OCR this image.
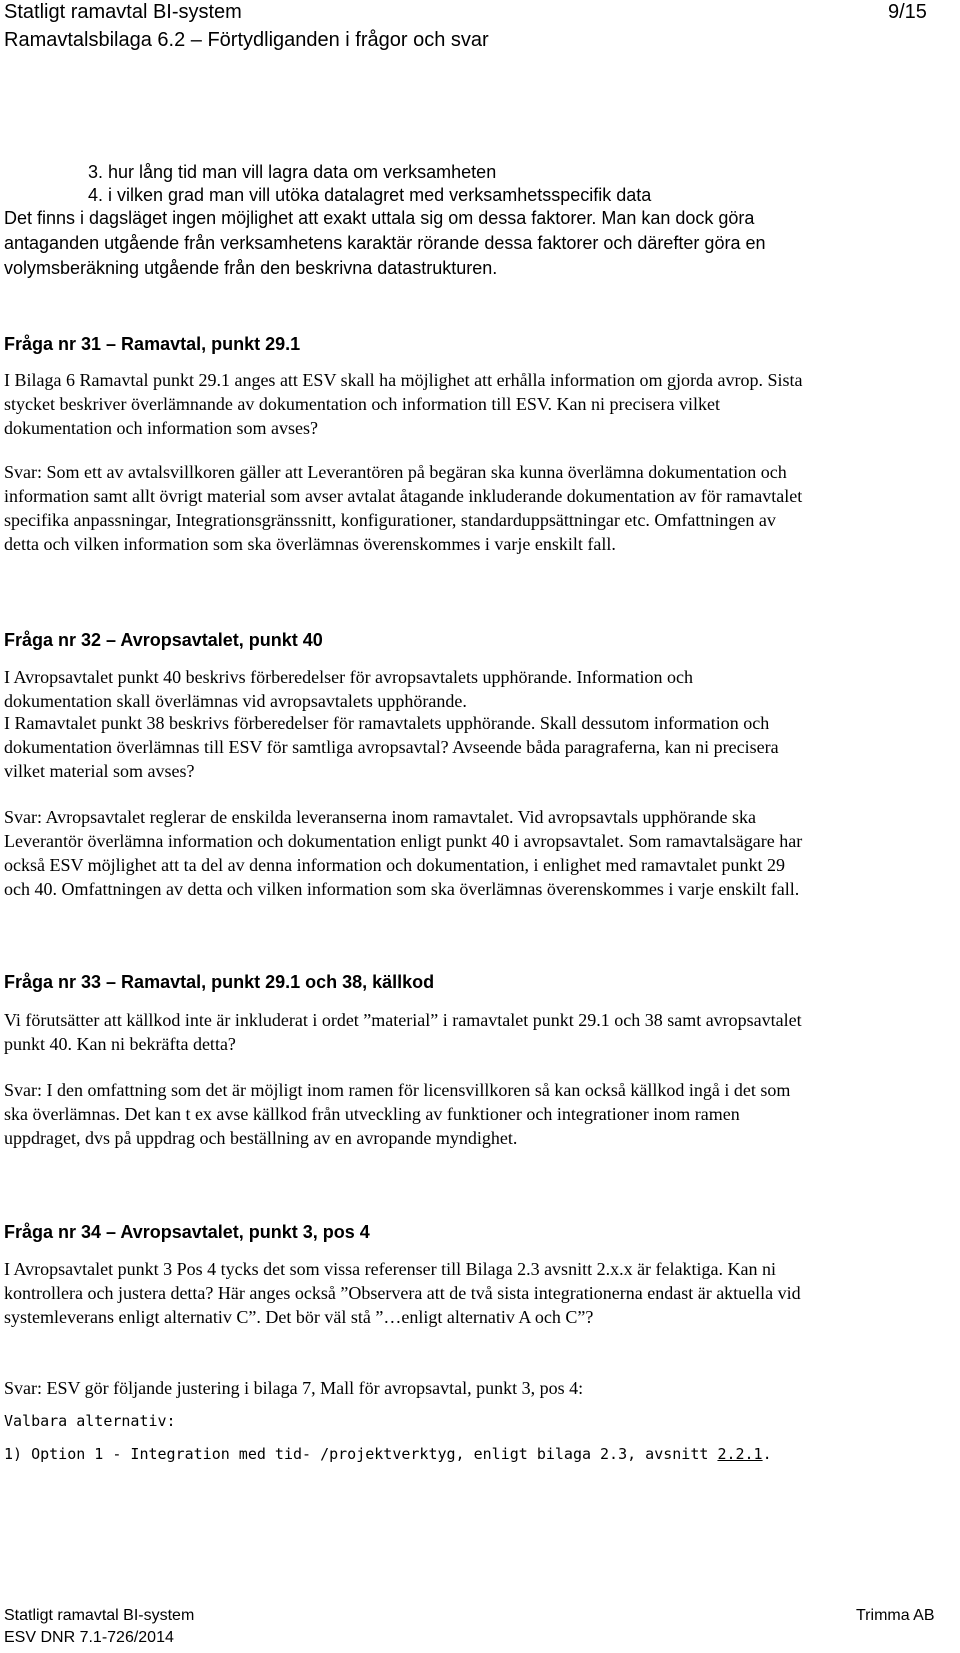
Statligt ramavtal BI-system	9/15
Ramavtalsbilaga 6.2 – Förtydliganden i frågor och svar
3. hur lång tid man vill lagra data om verksamheten
4. i vilken grad man vill utöka datalagret med verksamhetsspecifik data
Det finns i dagsläget ingen möjlighet att exakt uttala sig om dessa faktorer. Man kan dock göra antaganden utgående från verksamhetens karaktär rörande dessa faktorer och därefter göra en volymsberäkning utgående från den beskrivna datastrukturen.
Fråga nr 31 – Ramavtal, punkt 29.1
I Bilaga 6 Ramavtal punkt 29.1 anges att ESV skall ha möjlighet att erhålla information om gjorda avrop. Sista stycket beskriver överlämnande av dokumentation och information till ESV. Kan ni precisera vilket dokumentation och information som avses?
Svar: Som ett av avtalsvillkoren gäller att Leverantören på begäran ska kunna överlämna dokumentation och information samt allt övrigt material som avser avtalat åtagande inkluderande dokumentation av för ramavtalet specifika anpassningar, Integrationsgränssnitt, konfigurationer, standarduppsättningar etc. Omfattningen av detta och vilken information som ska överlämnas överenskommes i varje enskilt fall.
Fråga nr 32 – Avropsavtalet, punkt 40
I Avropsavtalet punkt 40 beskrivs förberedelser för avropsavtalets upphörande. Information och dokumentation skall överlämnas vid avropsavtalets upphörande.
I Ramavtalet punkt 38 beskrivs förberedelser för ramavtalets upphörande. Skall dessutom information och dokumentation överlämnas till ESV för samtliga avropsavtal? Avseende båda paragraferna, kan ni precisera vilket material som avses?
Svar: Avropsavtalet reglerar de enskilda leveranserna inom ramavtalet. Vid avropsavtals upphörande ska Leverantör överlämna information och dokumentation enligt punkt 40 i avropsavtalet. Som ramavtalsägare har också ESV möjlighet att ta del av denna information och dokumentation, i enlighet med ramavtalet punkt 29 och 40. Omfattningen av detta och vilken information som ska överlämnas överenskommes i varje enskilt fall.
Fråga nr 33 – Ramavtal, punkt 29.1 och 38, källkod
Vi förutsätter att källkod inte är inkluderat i ordet ”material” i ramavtalet punkt 29.1 och 38 samt avropsavtalet punkt 40. Kan ni bekräfta detta?
Svar: I den omfattning som det är möjligt inom ramen för licensvillkoren så kan också källkod ingå i det som ska överlämnas. Det kan t ex avse källkod från utveckling av funktioner och integrationer inom ramen uppdraget, dvs på uppdrag och beställning av en avropande myndighet.
Fråga nr 34 – Avropsavtalet, punkt 3, pos 4
I Avropsavtalet punkt 3 Pos 4 tycks det som vissa referenser till Bilaga 2.3 avsnitt 2.x.x är felaktiga. Kan ni kontrollera och justera detta? Här anges också ”Observera att de två sista integrationerna endast är aktuella vid systemleverans enligt alternativ C”. Det bör väl stå ”…enligt alternativ A och C”?
Svar: ESV gör följande justering i bilaga 7, Mall för avropsavtal, punkt 3, pos 4:
Valbara alternativ:
1) Option 1 - Integration med tid- /projektverktyg, enligt bilaga 2.3, avsnitt 2.2.1.
Statligt ramavtal BI-system
ESV DNR 7.1-726/2014
Trimma AB
